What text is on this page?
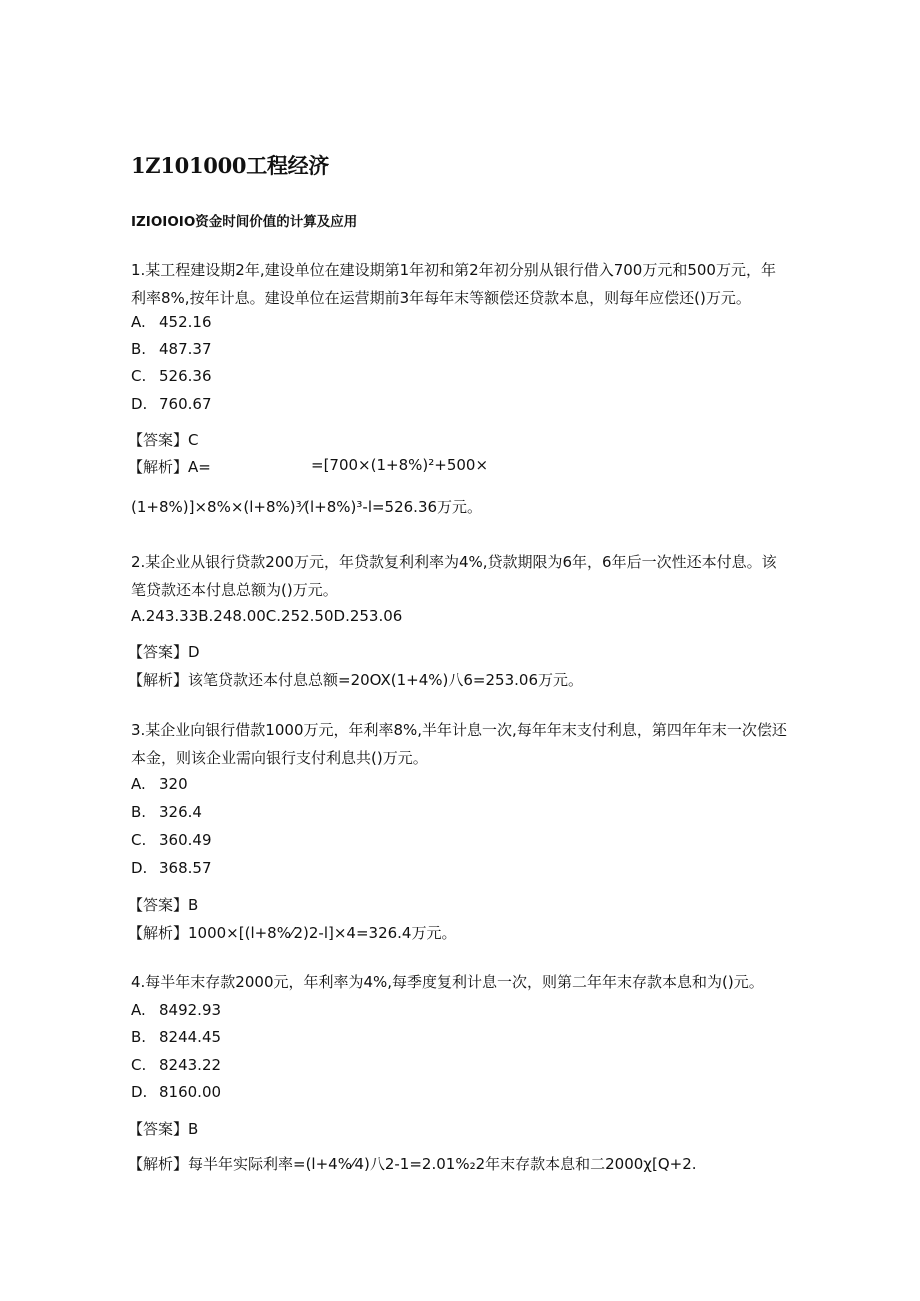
1Z101000工程经济
IZIOIOIO资金时间价值的计算及应用
1.某工程建设期2年,建设单位在建设期第1年初和第2年初分别从银行借入700万元和500万元，年
利率8%,按年计息。建设单位在运营期前3年每年末等额偿还贷款本息，则每年应偿还()万元。
A. 452.16
B. 487.37
C. 526.36
D. 760.67
【答案】C
【解析】A=	=[700×(1+8%)²+500×
(1+8%)]×8%×(l+8%)³⁄(l+8%)³-l=526.36万元。
2.某企业从银行贷款200万元，年贷款复利利率为4%,贷款期限为6年，6年后一次性还本付息。该
笔贷款还本付息总额为()万元。
A.243.33B.248.00C.252.50D.253.06
【答案】D
【解析】该笔贷款还本付息总额=20OX(1+4%)八6=253.06万元。
3.某企业向银行借款1000万元，年利率8%,半年计息一次,每年年末支付利息，第四年年末一次偿还
本金，则该企业需向银行支付利息共()万元。
A. 320
B. 326.4
C. 360.49
D. 368.57
【答案】B
【解析】1000×[(l+8%⁄2)2-l]×4=326.4万元。
4.每半年末存款2000元，年利率为4%,每季度复利计息一次，则第二年年末存款本息和为()元。
A. 8492.93
B. 8244.45
C. 8243.22
D. 8160.00
【答案】B
【解析】每半年实际利率=(l+4%⁄4)八2-1=2.01%₂2年末存款本息和二2000χ[Q+2.
